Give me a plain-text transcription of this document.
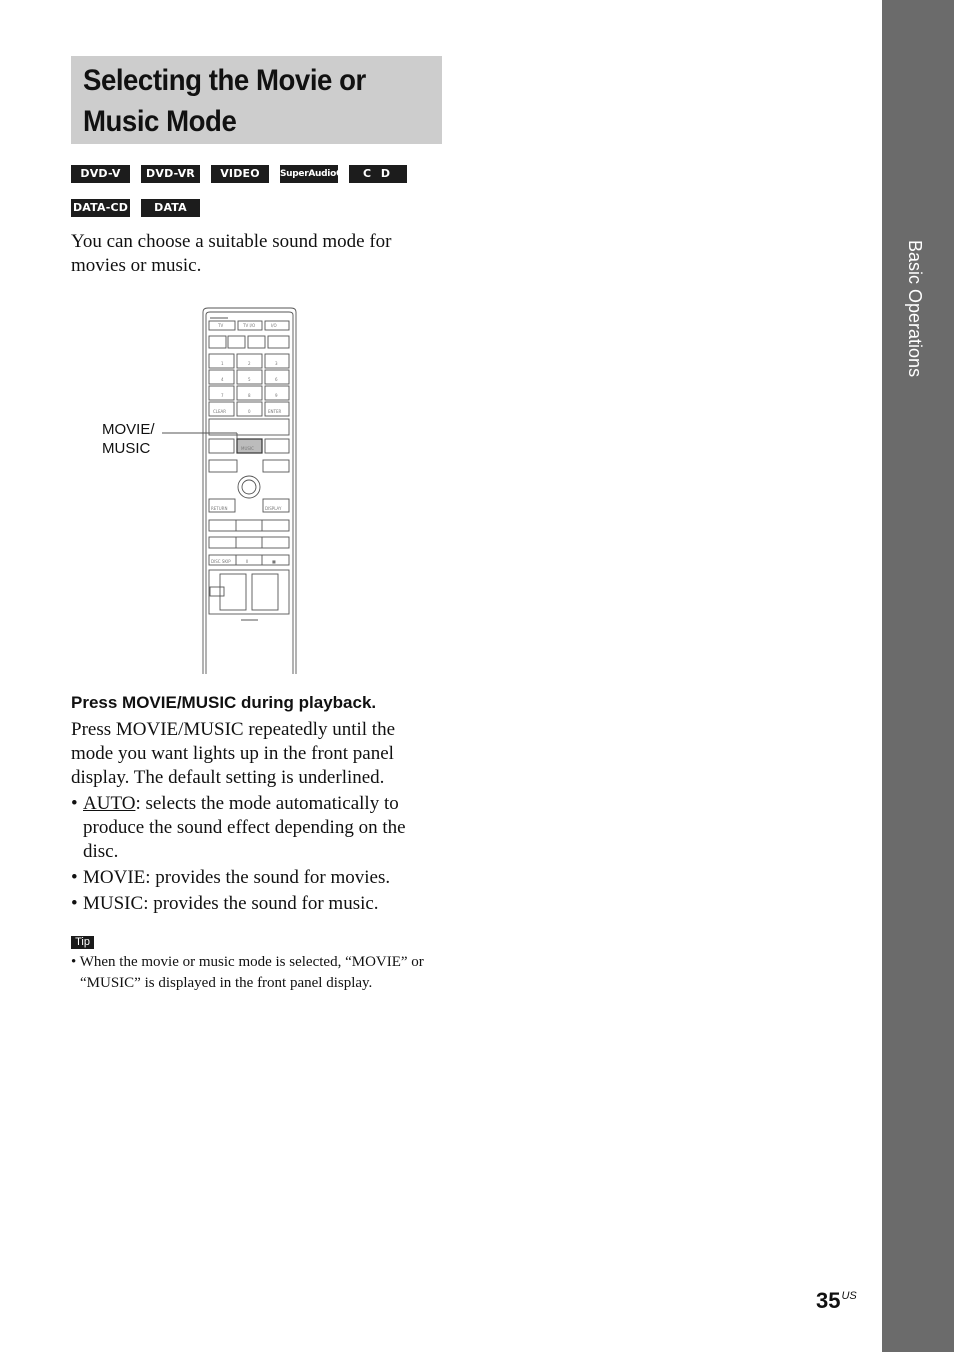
Selecting the Movie or
Music Mode
DVD-V	DVD-VR	VIDEO CD
SuperAudioCD	C D
DATA-CD	DATA DVD

You can choose a suitable sound mode for movies or music.

TV	TV I/O	I/O
1	2	3
4	5	6
7	8	9
CLEAR	0	ENTER
MUSIC
RETURN	DISPLAY
DISC SKIP	II	■
MOVIE/
MUSIC

Press MOVIE/MUSIC during playback.

Press MOVIE/MUSIC repeatedly until the mode you want lights up in the front panel display. The default setting is underlined.

• AUTO: selects the mode automatically to produce the sound effect depending on the disc.
• MOVIE: provides the sound for movies.
• MUSIC: provides the sound for music.
Tip

• When the movie or music mode is selected, “MOVIE” or “MUSIC” is displayed in the front panel display.

Basic Operations
$35^{US}$
